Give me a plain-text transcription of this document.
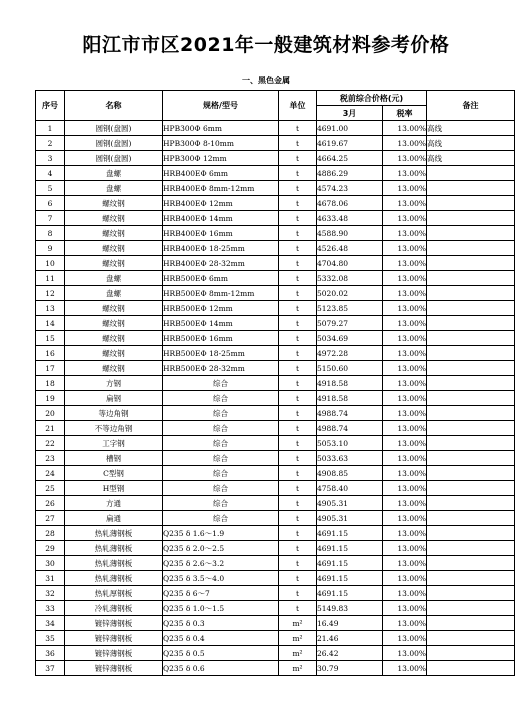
阳江市市区2021年一般建筑材料参考价格
一、黑色金属
序号	名称	规格/型号	单位	税前综合价格(元)		备注
				3月	税率	
1	圆钢(盘圆)	HPB300Φ 6mm	t	4691.00	13.00%	高线
2	圆钢(盘圆)	HPB300Φ 8-10mm	t	4619.67	13.00%	高线
3	圆钢(盘圆)	HPB300Φ 12mm	t	4664.25	13.00%	高线
4	盘螺	HRB400EΦ 6mm	t	4886.29	13.00%	
5	盘螺	HRB400EΦ 8mm-12mm	t	4574.23	13.00%	
6	螺纹钢	HRB400EΦ 12mm	t	4678.06	13.00%	
7	螺纹钢	HRB400EΦ 14mm	t	4633.48	13.00%	
8	螺纹钢	HRB400EΦ 16mm	t	4588.90	13.00%	
9	螺纹钢	HRB400EΦ 18-25mm	t	4526.48	13.00%	
10	螺纹钢	HRB400EΦ 28-32mm	t	4704.80	13.00%	
11	盘螺	HRB500EΦ 6mm	t	5332.08	13.00%	
12	盘螺	HRB500EΦ 8mm-12mm	t	5020.02	13.00%	
13	螺纹钢	HRB500EΦ 12mm	t	5123.85	13.00%	
14	螺纹钢	HRB500EΦ 14mm	t	5079.27	13.00%	
15	螺纹钢	HRB500EΦ 16mm	t	5034.69	13.00%	
16	螺纹钢	HRB500EΦ 18-25mm	t	4972.28	13.00%	
17	螺纹钢	HRB500EΦ 28-32mm	t	5150.60	13.00%	
18	方钢	综合	t	4918.58	13.00%	
19	扁钢	综合	t	4918.58	13.00%	
20	等边角钢	综合	t	4988.74	13.00%	
21	不等边角钢	综合	t	4988.74	13.00%	
22	工字钢	综合	t	5053.10	13.00%	
23	槽钢	综合	t	5033.63	13.00%	
24	C型钢	综合	t	4908.85	13.00%	
25	H型钢	综合	t	4758.40	13.00%	
26	方通	综合	t	4905.31	13.00%	
27	扁通	综合	t	4905.31	13.00%	
28	热轧薄钢板	Q235 δ 1.6～1.9	t	4691.15	13.00%	
29	热轧薄钢板	Q235 δ 2.0～2.5	t	4691.15	13.00%	
30	热轧薄钢板	Q235 δ 2.6～3.2	t	4691.15	13.00%	
31	热轧薄钢板	Q235 δ 3.5～4.0	t	4691.15	13.00%	
32	热轧厚钢板	Q235 δ 6～7	t	4691.15	13.00%	
33	冷轧薄钢板	Q235 δ 1.0～1.5	t	5149.83	13.00%	
34	镀锌薄钢板	Q235 δ 0.3	m²	16.49	13.00%	
35	镀锌薄钢板	Q235 δ 0.4	m²	21.46	13.00%	
36	镀锌薄钢板	Q235 δ 0.5	m²	26.42	13.00%	
37	镀锌薄钢板	Q235 δ 0.6	m²	30.79	13.00%	
